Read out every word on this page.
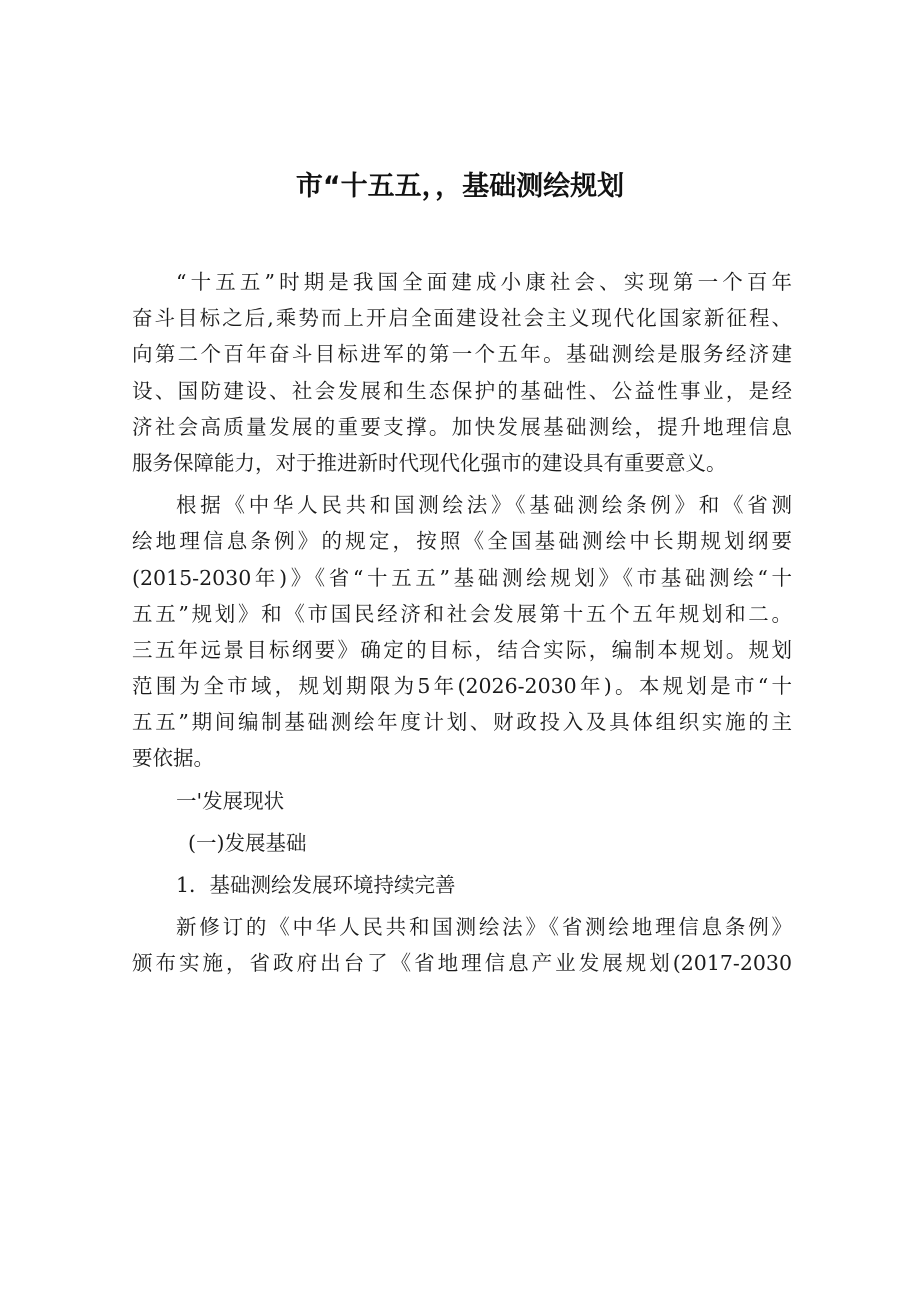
市“十五五，，基础测绘规划
“十五五”时期是我国全面建成小康社会、实现第一个百年
奋斗目标之后,乘势而上开启全面建设社会主义现代化国家新征程、
向第二个百年奋斗目标进军的第一个五年。基础测绘是服务经济建
设、国防建设、社会发展和生态保护的基础性、公益性事业，是经
济社会高质量发展的重要支撑。加快发展基础测绘，提升地理信息
服务保障能力，对于推进新时代现代化强市的建设具有重要意义。
根据《中华人民共和国测绘法》《基础测绘条例》和《省测
绘地理信息条例》的规定，按照《全国基础测绘中长期规划纲要
(2015-2030年)》《省“十五五”基础测绘规划》《市基础测绘“十
五五”规划》和《市国民经济和社会发展第十五个五年规划和二。
三五年远景目标纲要》确定的目标，结合实际，编制本规划。规划
范围为全市域，规划期限为5年(2026-2030年)。本规划是市“十
五五”期间编制基础测绘年度计划、财政投入及具体组织实施的主
要依据。
一'发展现状
(一)发展基础
1．基础测绘发展环境持续完善
新修订的《中华人民共和国测绘法》《省测绘地理信息条例》
颁布实施，省政府出台了《省地理信息产业发展规划(2017-2030
